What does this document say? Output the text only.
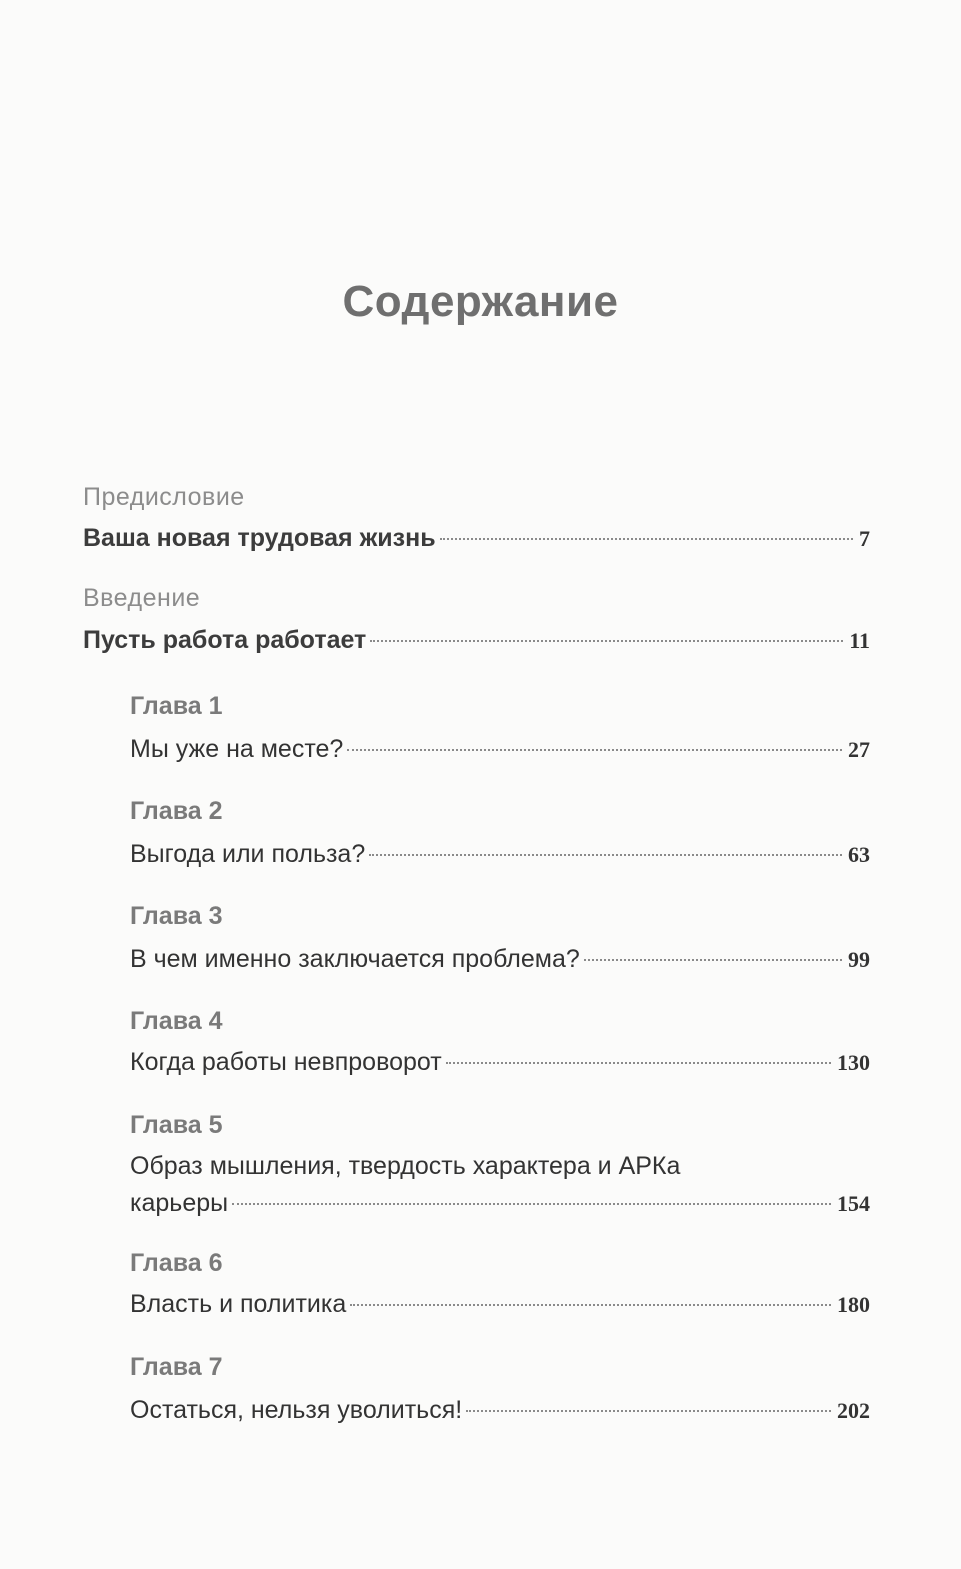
Содержание
Предисловие
Ваша новая трудовая жизнь	7
Введение
Пусть работа работает	11
Глава 1
Мы уже на месте?	27
Глава 2
Выгода или польза?	63
Глава 3
В чем именно заключается проблема?	99
Глава 4
Когда работы невпроворот	130
Глава 5
Образ мышления, твердость характера и АРКа
карьеры	154
Глава 6
Власть и политика	180
Глава 7
Остаться, нельзя уволиться!	202
